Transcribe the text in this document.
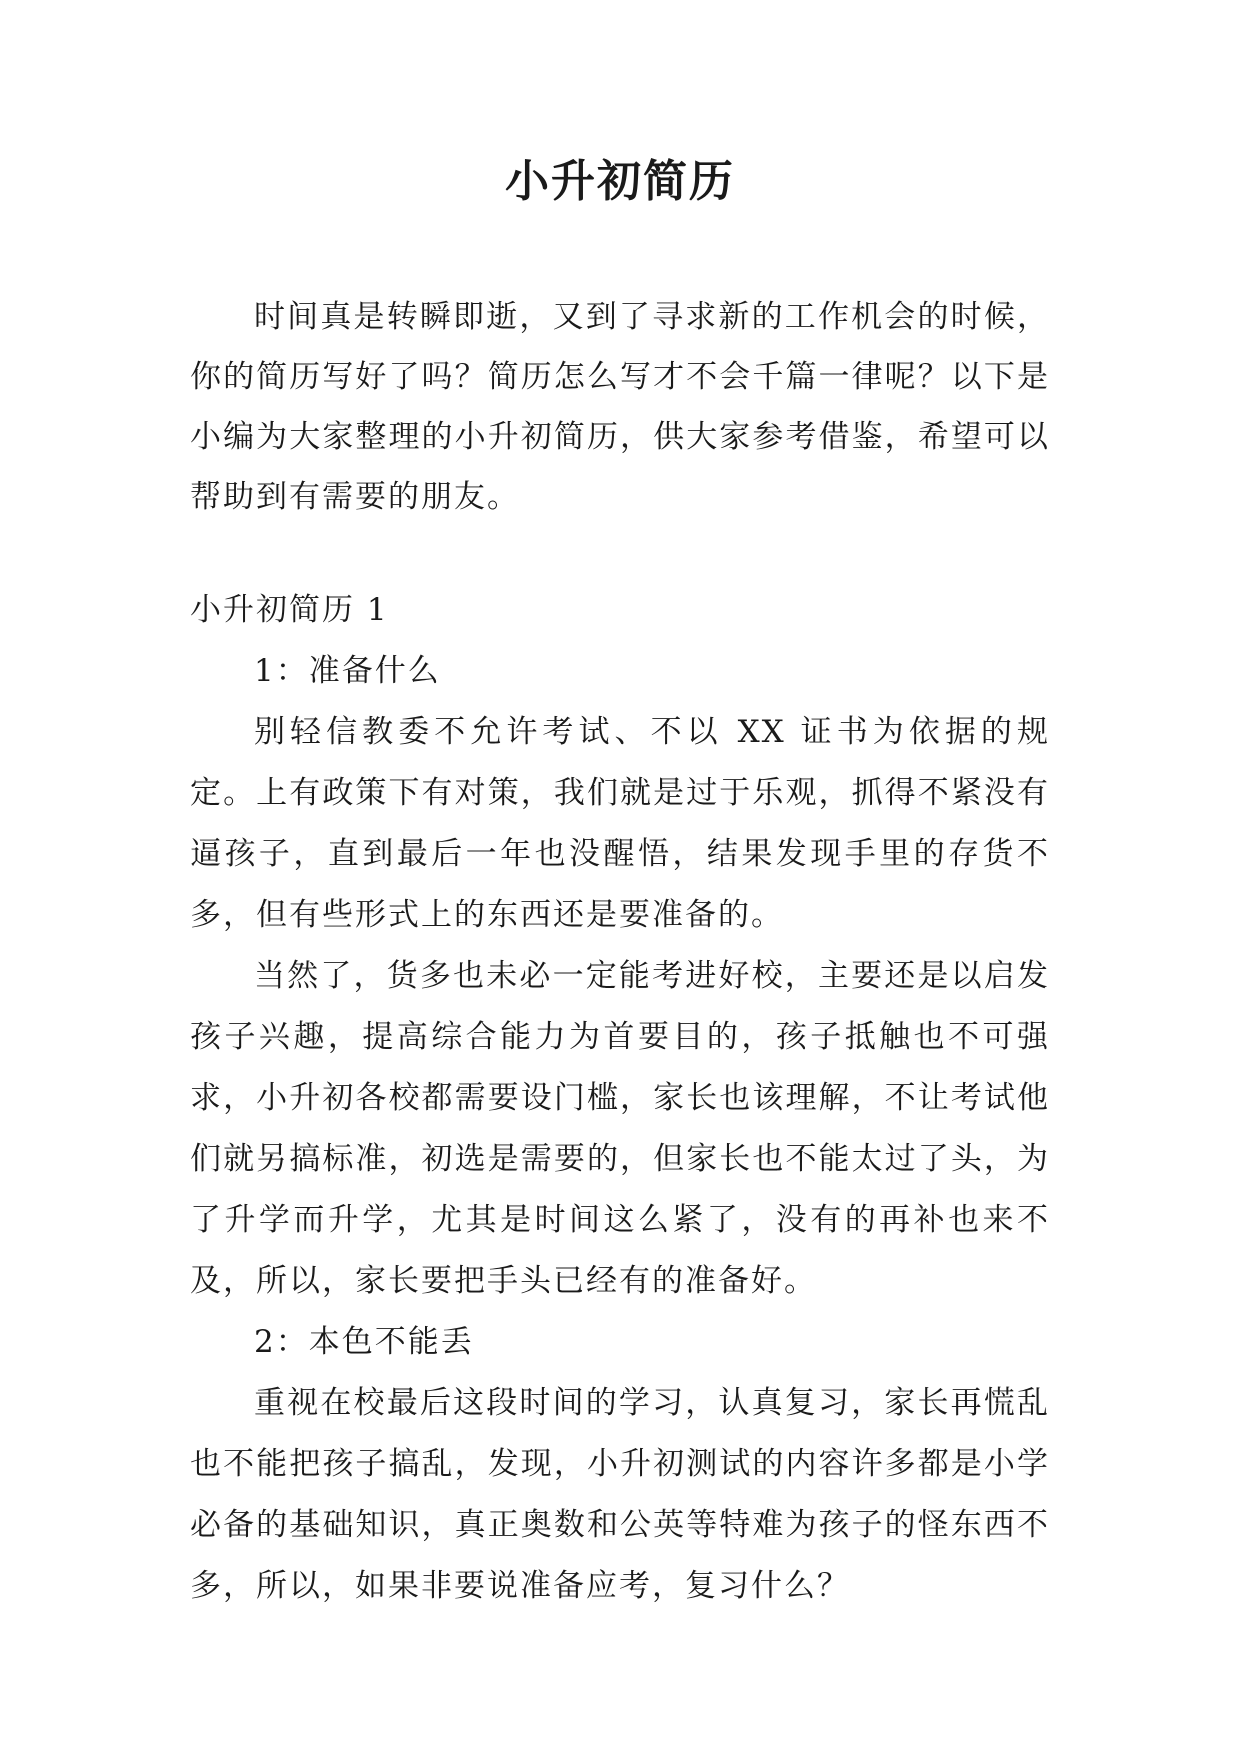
小升初简历

时间真是转瞬即逝，又到了寻求新的工作机会的时候，你的简历写好了吗？简历怎么写才不会千篇一律呢？以下是小编为大家整理的小升初简历，供大家参考借鉴，希望可以帮助到有需要的朋友。

小升初简历 1

1：准备什么

别轻信教委不允许考试、不以 XX 证书为依据的规定。上有政策下有对策，我们就是过于乐观，抓得不紧没有逼孩子，直到最后一年也没醒悟，结果发现手里的存货不多，但有些形式上的东西还是要准备的。

当然了，货多也未必一定能考进好校，主要还是以启发孩子兴趣，提高综合能力为首要目的，孩子抵触也不可强求，小升初各校都需要设门槛，家长也该理解，不让考试他们就另搞标准，初选是需要的，但家长也不能太过了头，为了升学而升学，尤其是时间这么紧了，没有的再补也来不及，所以，家长要把手头已经有的准备好。

2：本色不能丢

重视在校最后这段时间的学习，认真复习，家长再慌乱也不能把孩子搞乱，发现，小升初测试的内容许多都是小学必备的基础知识，真正奥数和公英等特难为孩子的怪东西不多，所以，如果非要说准备应考，复习什么？
